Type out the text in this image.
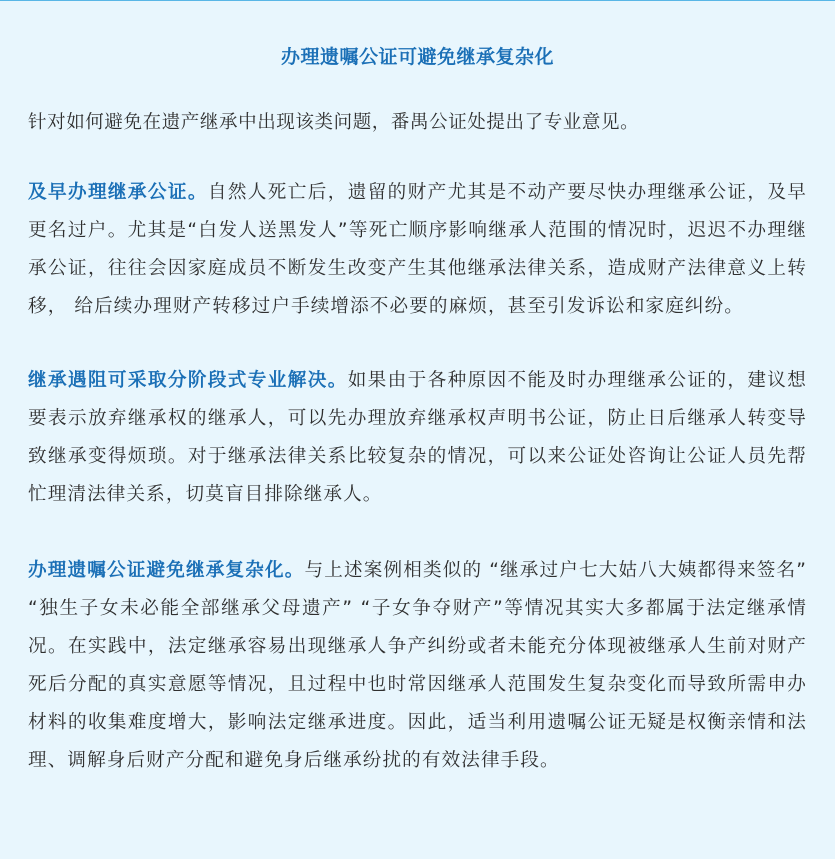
办理遗嘱公证可避免继承复杂化

针对如何避免在遗产继承中出现该类问题，番禺公证处提出了专业意见。

及早办理继承公证。自然人死亡后，遗留的财产尤其是不动产要尽快办理继承公证，及早更名过户。尤其是“白发人送黑发人”等死亡顺序影响继承人范围的情况时，迟迟不办理继承公证，往往会因家庭成员不断发生改变产生其他继承法律关系，造成财产法律意义上转移， 给后续办理财产转移过户手续增添不必要的麻烦，甚至引发诉讼和家庭纠纷。

继承遇阻可采取分阶段式专业解决。如果由于各种原因不能及时办理继承公证的，建议想要表示放弃继承权的继承人，可以先办理放弃继承权声明书公证，防止日后继承人转变导致继承变得烦琐。对于继承法律关系比较复杂的情况，可以来公证处咨询让公证人员先帮忙理清法律关系，切莫盲目排除继承人。

办理遗嘱公证避免继承复杂化。与上述案例相类似的 “继承过户七大姑八大姨都得来签名” “独生子女未必能全部继承父母遗产” “子女争夺财产”等情况其实大多都属于法定继承情况。在实践中，法定继承容易出现继承人争产纠纷或者未能充分体现被继承人生前对财产死后分配的真实意愿等情况，且过程中也时常因继承人范围发生复杂变化而导致所需申办材料的收集难度增大，影响法定继承进度。因此，适当利用遗嘱公证无疑是权衡亲情和法理、调解身后财产分配和避免身后继承纷扰的有效法律手段。
